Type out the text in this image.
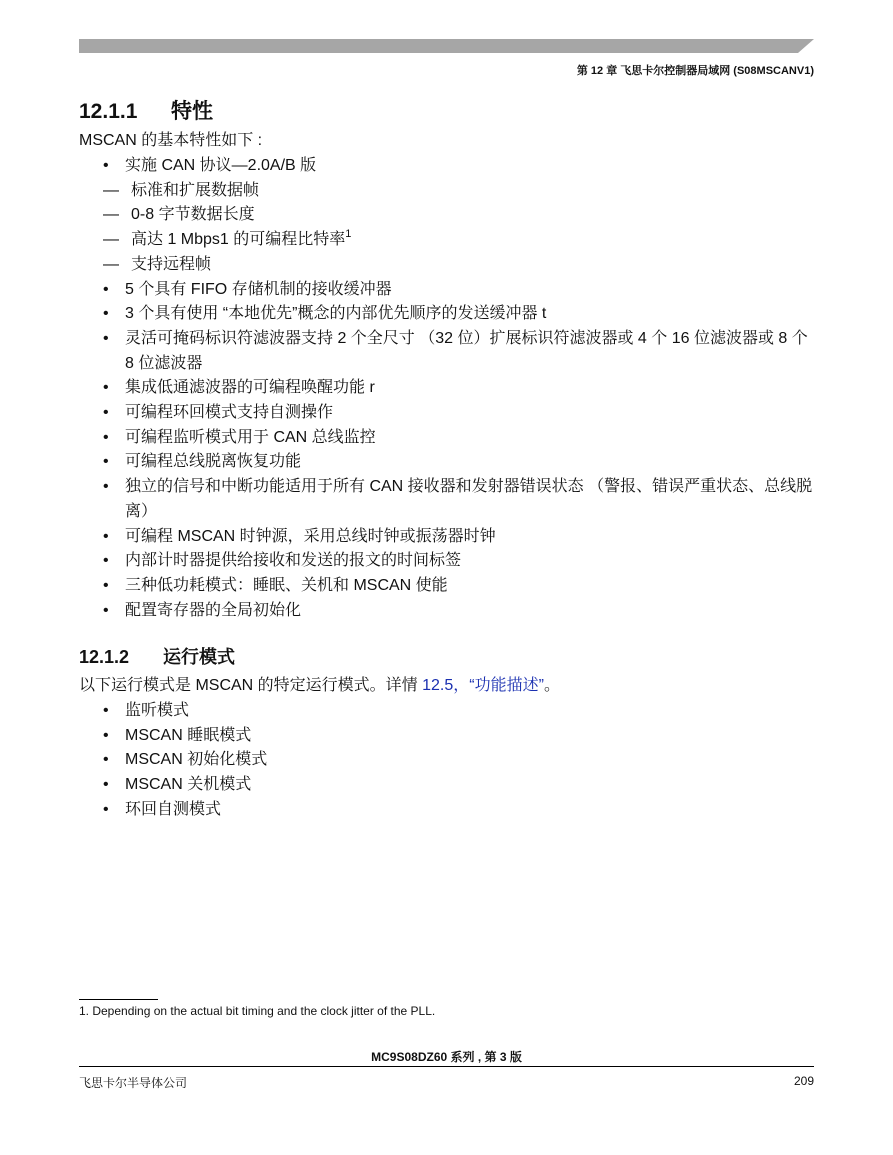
第 12 章 飞思卡尔控制器局域网 (S08MSCANV1)
12.1.1 特性
MSCAN 的基本特性如下 :
• 实施 CAN 协议—2.0A/B 版
— 标准和扩展数据帧
— 0-8 字节数据长度
— 高达 1 Mbps1 的可编程比特率$^1$
— 支持远程帧
• 5 个具有 FIFO 存储机制的接收缓冲器
• 3 个具有使用 “本地优先”概念的内部优先顺序的发送缓冲器 t
• 灵活可掩码标识符滤波器支持 2 个全尺寸 （32 位）扩展标识符滤波器或 4 个 16 位滤波器或 8 个 8 位滤波器
• 集成低通滤波器的可编程唤醒功能 r
• 可编程环回模式支持自测操作
• 可编程监听模式用于 CAN 总线监控
• 可编程总线脱离恢复功能
• 独立的信号和中断功能适用于所有 CAN 接收器和发射器错误状态 （警报、错误严重状态、总线脱离）
• 可编程 MSCAN 时钟源，采用总线时钟或振荡器时钟
• 内部计时器提供给接收和发送的报文的时间标签
• 三种低功耗模式：睡眠、关机和 MSCAN 使能
• 配置寄存器的全局初始化
12.1.2 运行模式
以下运行模式是 MSCAN 的特定运行模式。详情 12.5，“功能描述”。
• 监听模式
• MSCAN 睡眠模式
• MSCAN 初始化模式
• MSCAN 关机模式
• 环回自测模式
1. Depending on the actual bit timing and the clock jitter of the PLL.
MC9S08DZ60 系列 , 第 3 版
飞思卡尔半导体公司	209
